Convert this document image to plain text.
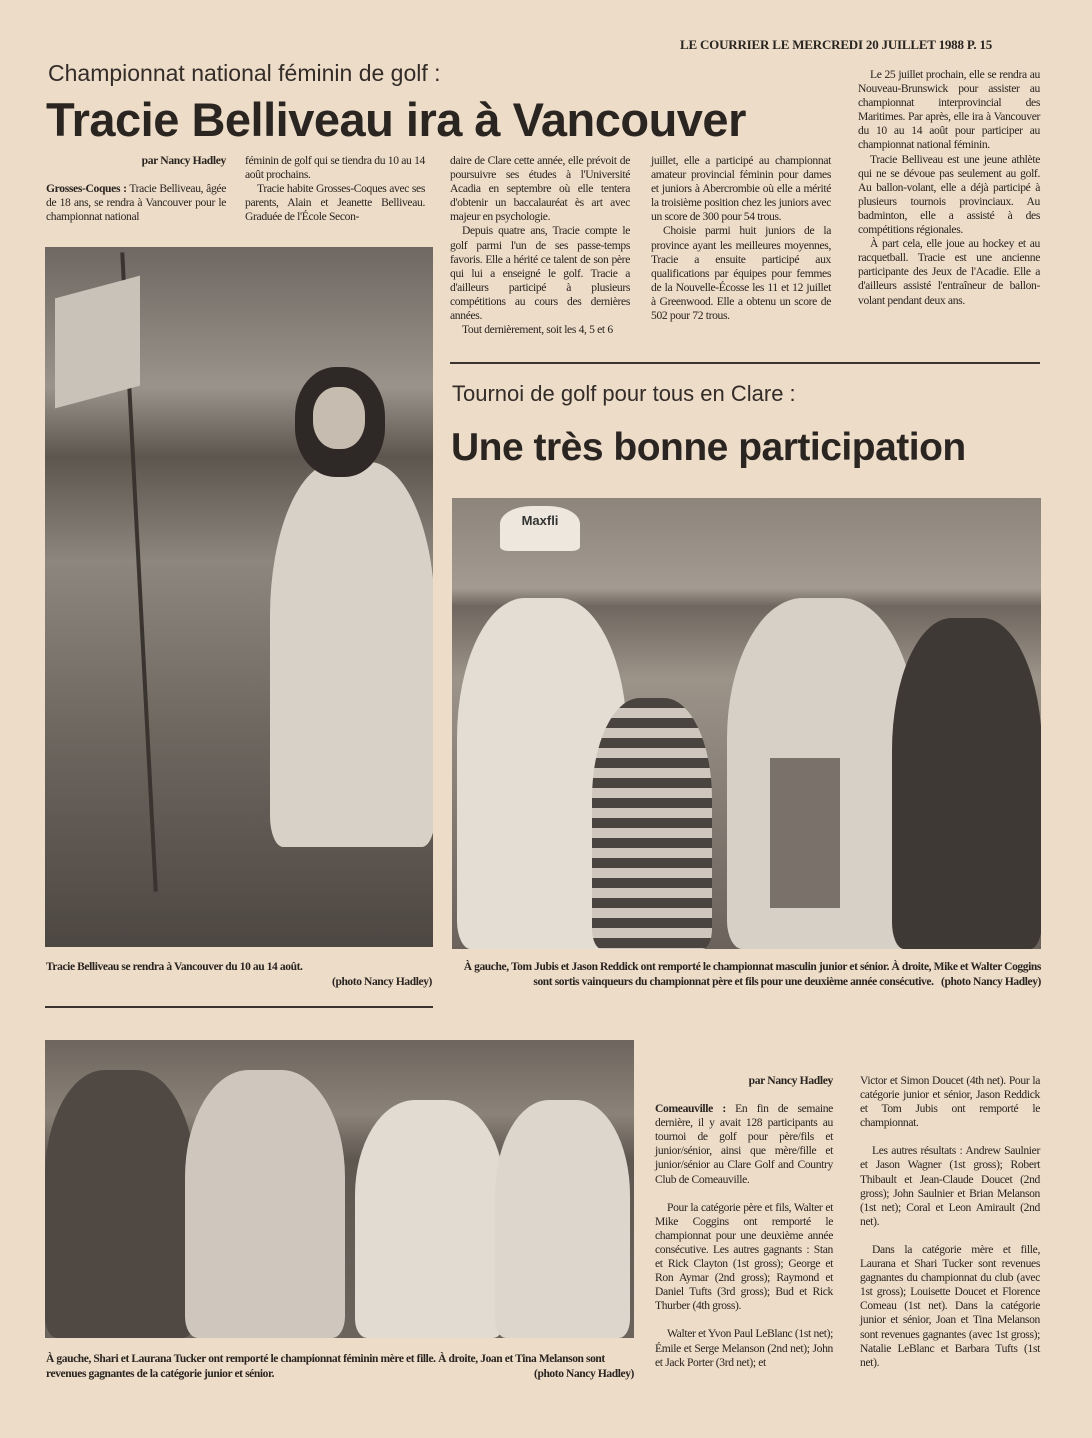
LE COURRIER LE MERCREDI 20 JUILLET 1988 P. 15
Championnat national féminin de golf :
Tracie Belliveau ira à Vancouver

par Nancy Hadley

Grosses-Coques : Tracie Belliveau, âgée de 18 ans, se rendra à Vancouver pour le championnat national

féminin de golf qui se tiendra du 10 au 14 août prochains.

Tracie habite Grosses-Coques avec ses parents, Alain et Jeanette Belliveau. Graduée de l'École Secon-

daire de Clare cette année, elle prévoit de poursuivre ses études à l'Université Acadia en septembre où elle tentera d'obtenir un baccalauréat ès art avec majeur en psychologie.

Depuis quatre ans, Tracie compte le golf parmi l'un de ses passe-temps favoris. Elle a hérité ce talent de son père qui lui a enseigné le golf. Tracie a d'ailleurs participé à plusieurs compétitions au cours des dernières années.

Tout dernièrement, soit les 4, 5 et 6

juillet, elle a participé au championnat amateur provincial féminin pour dames et juniors à Abercrombie où elle a mérité la troisième position chez les juniors avec un score de 300 pour 54 trous.

Choisie parmi huit juniors de la province ayant les meilleures moyennes, Tracie a ensuite participé aux qualifications par équipes pour femmes de la Nouvelle-Écosse les 11 et 12 juillet à Greenwood. Elle a obtenu un score de 502 pour 72 trous.

Le 25 juillet prochain, elle se rendra au Nouveau-Brunswick pour assister au championnat interprovincial des Maritimes. Par après, elle ira à Vancouver du 10 au 14 août pour participer au championnat national féminin.

Tracie Belliveau est une jeune athlète qui ne se dévoue pas seulement au golf. Au ballon-volant, elle a déjà participé à plusieurs tournois provinciaux. Au badminton, elle a assisté à des compétitions régionales.

À part cela, elle joue au hockey et au racquetball. Tracie est une ancienne participante des Jeux de l'Acadie. Elle a d'ailleurs assisté l'entraîneur de ballon-volant pendant deux ans.

Tracie Belliveau se rendra à Vancouver du 10 au 14 août.
(photo Nancy Hadley)
Tournoi de golf pour tous en Clare :
Une très bonne participation
Maxfli
À gauche, Tom Jubis et Jason Reddick ont remporté le championnat masculin junior et sénior. À droite, Mike et Walter Coggins sont sortis vainqueurs du championnat père et fils pour une deuxième année consécutive. (photo Nancy Hadley)
À gauche, Shari et Laurana Tucker ont remporté le championnat féminin mère et fille. À droite, Joan et Tina Melanson sont revenues gagnantes de la catégorie junior et sénior.	(photo Nancy Hadley)

par Nancy Hadley

Comeauville : En fin de semaine dernière, il y avait 128 participants au tournoi de golf pour père/fils et junior/sénior, ainsi que mère/fille et junior/sénior au Clare Golf and Country Club de Comeauville.

Pour la catégorie père et fils, Walter et Mike Coggins ont remporté le championnat pour une deuxième année consécutive. Les autres gagnants : Stan et Rick Clayton (1st gross); George et Ron Aymar (2nd gross); Raymond et Daniel Tufts (3rd gross); Bud et Rick Thurber (4th gross).

Walter et Yvon Paul LeBlanc (1st net); Émile et Serge Melanson (2nd net); John et Jack Porter (3rd net); et

Victor et Simon Doucet (4th net). Pour la catégorie junior et sénior, Jason Reddick et Tom Jubis ont remporté le championnat.

Les autres résultats : Andrew Saulnier et Jason Wagner (1st gross); Robert Thibault et Jean-Claude Doucet (2nd gross); John Saulnier et Brian Melanson (1st net); Coral et Leon Amirault (2nd net).

Dans la catégorie mère et fille, Laurana et Shari Tucker sont revenues gagnantes du championnat du club (avec 1st gross); Louisette Doucet et Florence Comeau (1st net). Dans la catégorie junior et sénior, Joan et Tina Melanson sont revenues gagnantes (avec 1st gross); Natalie LeBlanc et Barbara Tufts (1st net).
